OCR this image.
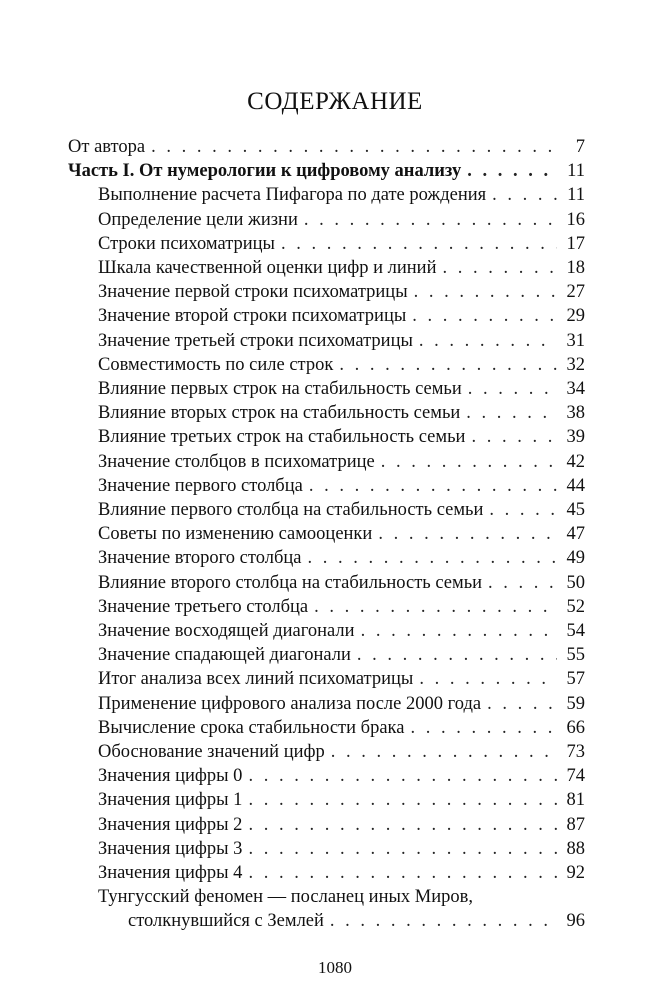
СОДЕРЖАНИЕ
От автора . . .	7
Часть I. От нумерологии к цифровому анализу . . .	11
Выполнение расчета Пифагора по дате рождения . . .	11
Определение цели жизни . . .	16
Строки психоматрицы . . .	17
Шкала качественной оценки цифр и линий . . .	18
Значение первой строки психоматрицы . . .	27
Значение второй строки психоматрицы . . .	29
Значение третьей строки психоматрицы . . .	31
Совместимость по силе строк . . .	32
Влияние первых строк на стабильность семьи . . .	34
Влияние вторых строк на стабильность семьи . . .	38
Влияние третьих строк на стабильность семьи . . .	39
Значение столбцов в психоматрице . . .	42
Значение первого столбца . . .	44
Влияние первого столбца на стабильность семьи . . .	45
Советы по изменению самооценки . . .	47
Значение второго столбца . . .	49
Влияние второго столбца на стабильность семьи . . .	50
Значение третьего столбца . . .	52
Значение восходящей диагонали . . .	54
Значение спадающей диагонали . . .	55
Итог анализа всех линий психоматрицы . . .	57
Применение цифрового анализа после 2000 года . . .	59
Вычисление срока стабильности брака . . .	66
Обоснование значений цифр . . .	73
Значения цифры 0 . . .	74
Значения цифры 1 . . .	81
Значения цифры 2 . . .	87
Значения цифры 3 . . .	88
Значения цифры 4 . . .	92
Тунгусский феномен — посланец иных Миров,
столкнувшийся с Землей . . .	96
1080
